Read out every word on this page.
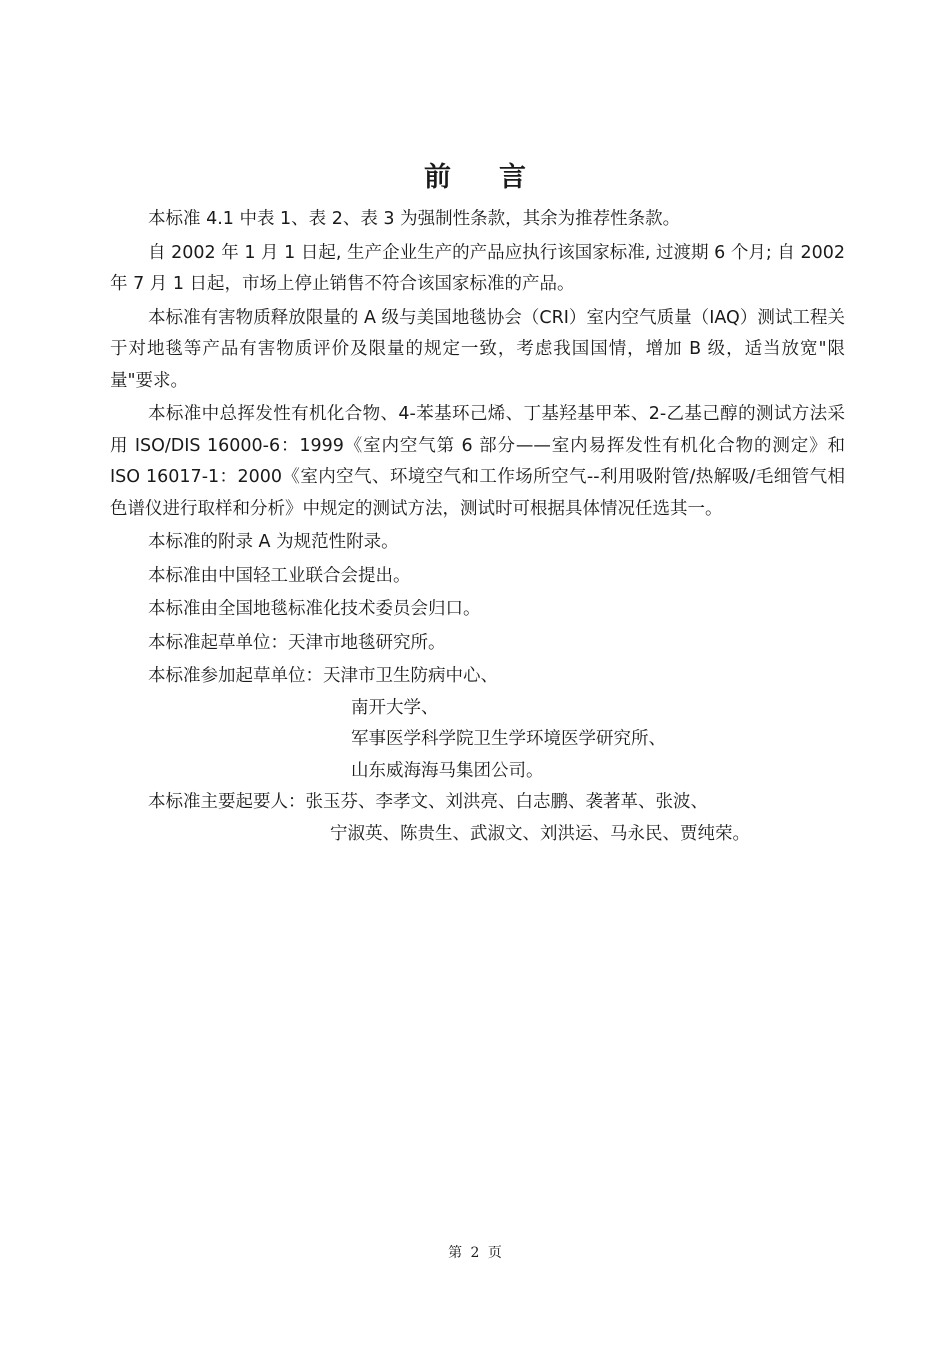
前言

本标准 4.1 中表 1、表 2、表 3 为强制性条款，其余为推荐性条款。

自 2002 年 1 月 1 日起, 生产企业生产的产品应执行该国家标准, 过渡期 6 个月; 自 2002 年 7 月 1 日起，市场上停止销售不符合该国家标准的产品。

本标准有害物质释放限量的 A 级与美国地毯协会（CRI）室内空气质量（IAQ）测试工程关于对地毯等产品有害物质评价及限量的规定一致，考虑我国国情，增加 B 级，适当放宽"限量"要求。

本标准中总挥发性有机化合物、4-苯基环己烯、丁基羟基甲苯、2-乙基己醇的测试方法采用 ISO/DIS 16000-6：1999《室内空气第 6 部分——室内易挥发性有机化合物的测定》和 ISO 16017-1：2000《室内空气、环境空气和工作场所空气--利用吸附管/热解吸/毛细管气相色谱仪进行取样和分析》中规定的测试方法，测试时可根据具体情况任选其一。

本标准的附录 A 为规范性附录。

本标准由中国轻工业联合会提出。

本标准由全国地毯标准化技术委员会归口。

本标准起草单位：天津市地毯研究所。

本标准参加起草单位： 天津市卫生防病中心、
南开大学、
军事医学科学院卫生学环境医学研究所、
山东威海海马集团公司。
本标准主要起要人： 张玉芬、李孝文、刘洪亮、白志鹏、袭著革、张波、
宁淑英、陈贵生、武淑文、刘洪运、马永民、贾纯荣。
第 2 页
